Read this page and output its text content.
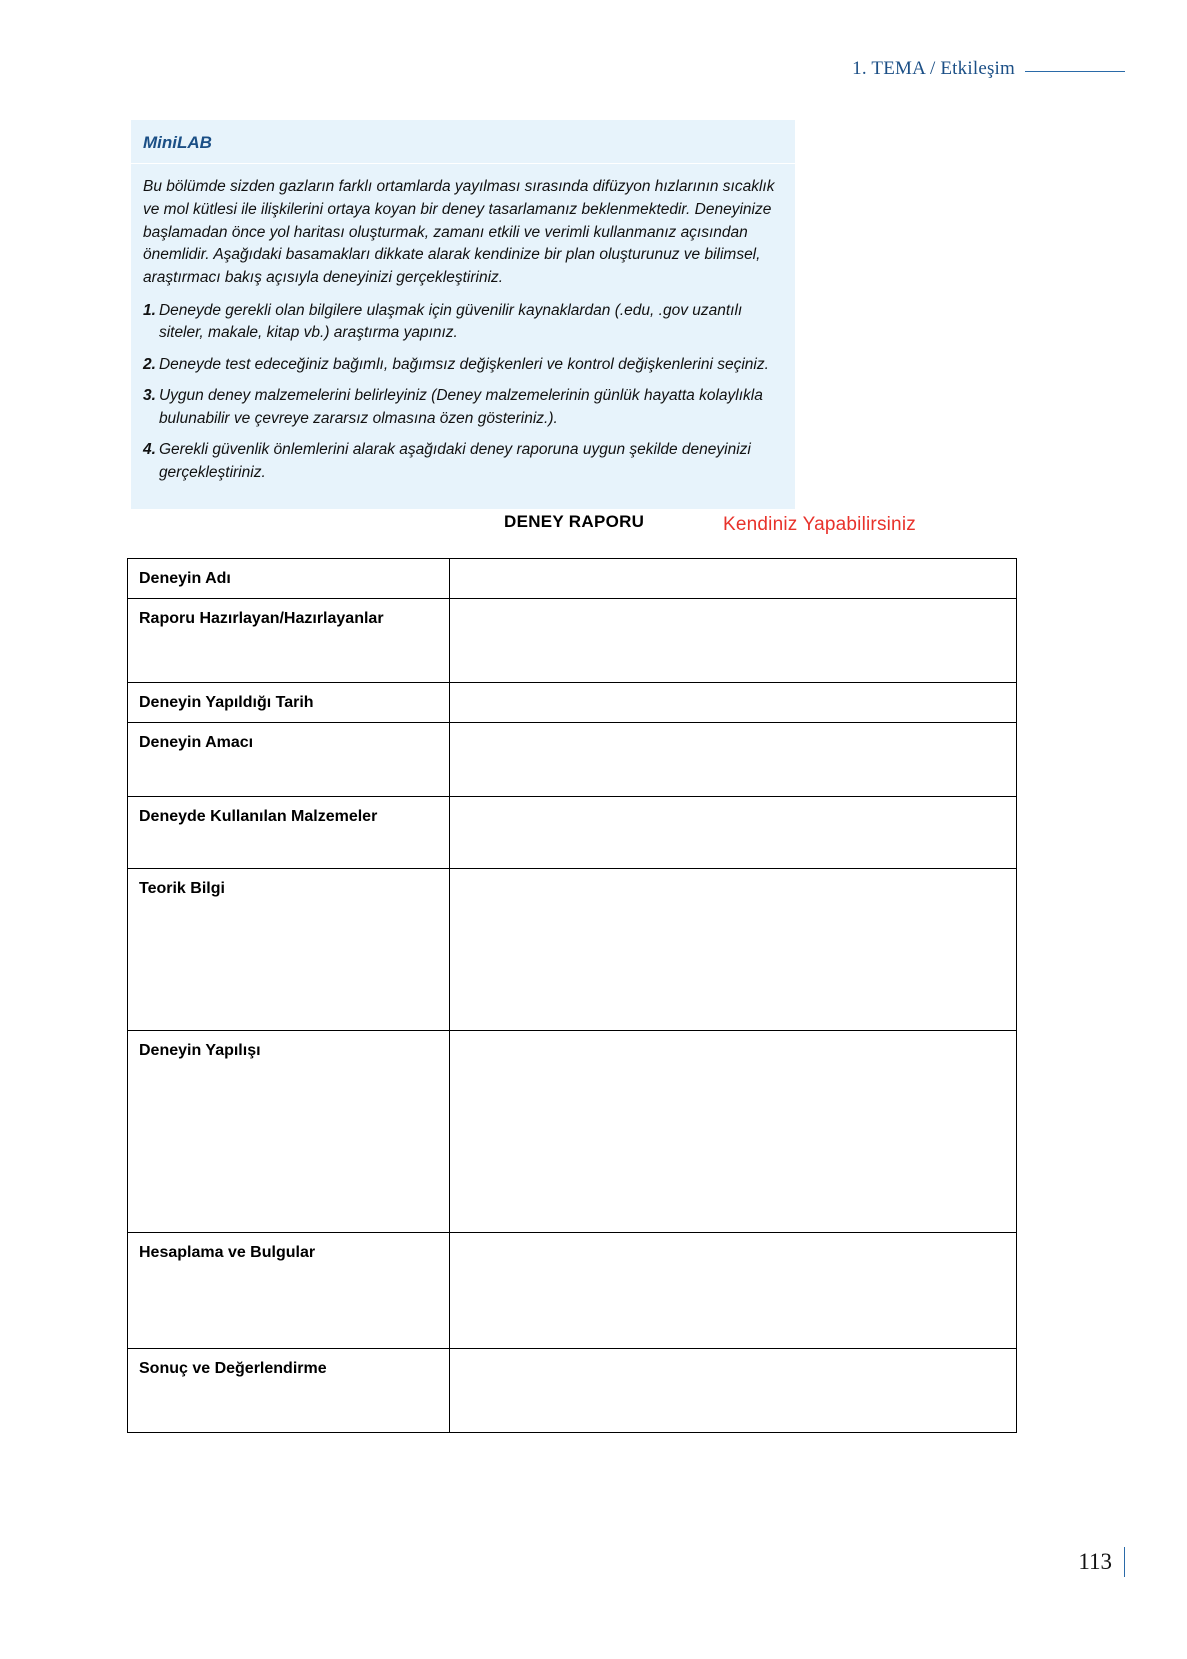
1. TEMA / Etkileşim
MiniLAB

Bu bölümde sizden gazların farklı ortamlarda yayılması sırasında difüzyon hızlarının sıcaklık ve mol kütlesi ile ilişkilerini ortaya koyan bir deney tasarlamanız beklenmektedir. Deneyinize başlamadan önce yol haritası oluşturmak, zamanı etkili ve verimli kullanmanız açısından önemlidir. Aşağıdaki basamakları dikkate alarak kendinize bir plan oluşturunuz ve bilimsel, araştırmacı bakış açısıyla deneyinizi gerçekleştiriniz.

1. Deneyde gerekli olan bilgilere ulaşmak için güvenilir kaynaklardan (.edu, .gov uzantılı siteler, makale, kitap vb.) araştırma yapınız.
2. Deneyde test edeceğiniz bağımlı, bağımsız değişkenleri ve kontrol değişkenlerini seçiniz.
3. Uygun deney malzemelerini belirleyiniz (Deney malzemelerinin günlük hayatta kolaylıkla bulunabilir ve çevreye zararsız olmasına özen gösteriniz.).
4. Gerekli güvenlik önlemlerini alarak aşağıdaki deney raporuna uygun şekilde deneyinizi gerçekleştiriniz.
DENEY RAPORU	Kendiniz Yapabilirsiniz
Deneyin Adı	
Raporu Hazırlayan/Hazırlayanlar	
Deneyin Yapıldığı Tarih	
Deneyin Amacı	
Deneyde Kullanılan Malzemeler	
Teorik Bilgi	
Deneyin Yapılışı	
Hesaplama ve Bulgular	
Sonuç ve Değerlendirme	
113
